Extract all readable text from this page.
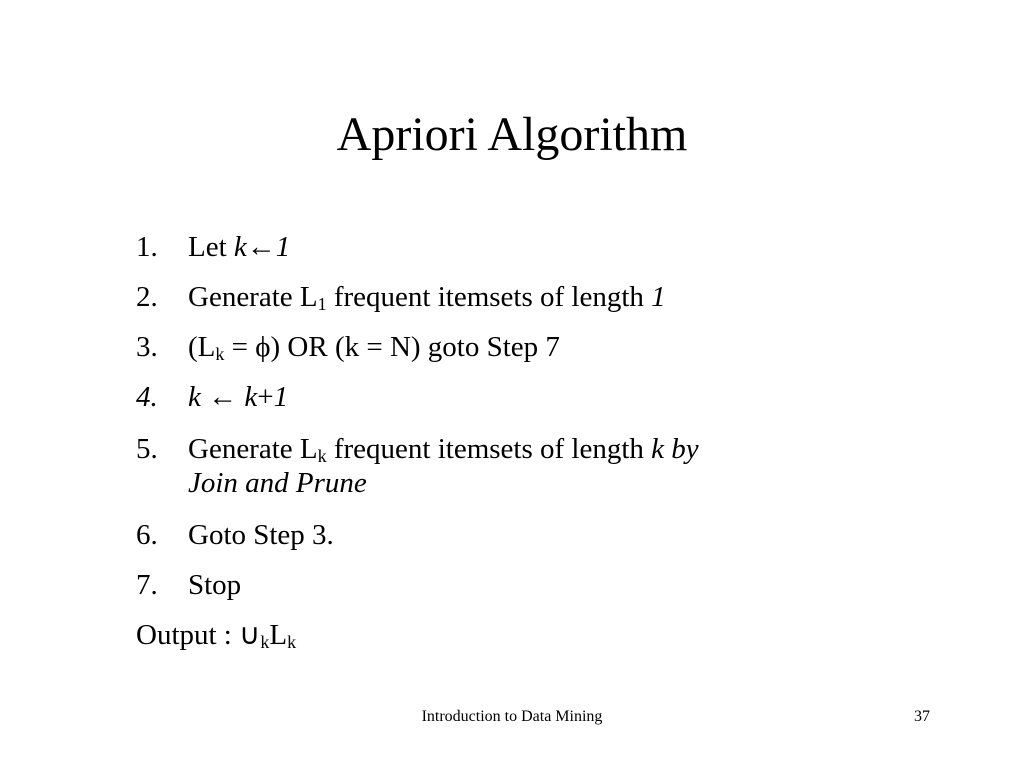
Apriori Algorithm
1. Let k←1
2. Generate $L_1$ frequent itemsets of length 1
3. $(L_k = \phi)$ OR (k = N) goto Step 7
4. k ← k+1
5. Generate $L_k$ frequent itemsets of length k by
Join and Prune
6. Goto Step 3.
7. Stop
Output : $\cup_kL_k$
Introduction to Data Mining	37
